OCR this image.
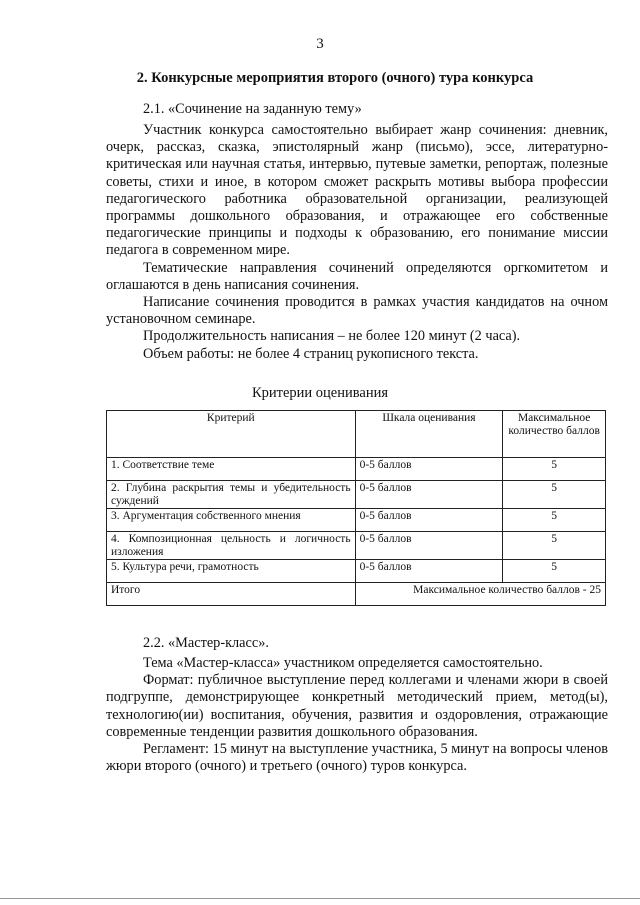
3
2. Конкурсные мероприятия второго (очного) тура конкурса
2.1. «Сочинение на заданную тему»

Участник конкурса самостоятельно выбирает жанр сочинения: дневник, очерк, рассказ, сказка, эпистолярный жанр (письмо), эссе, литературно-критическая или научная статья, интервью, путевые заметки, репортаж, полезные советы, стихи и иное, в котором сможет раскрыть мотивы выбора профессии педагогического работника образовательной организации, реализующей программы дошкольного образования, и отражающее его собственные педагогические принципы и подходы к образованию, его понимание миссии педагога в современном мире.

Тематические направления сочинений определяются оргкомитетом и оглашаются в день написания сочинения.

Написание сочинения проводится в рамках участия кандидатов на очном установочном семинаре.

Продолжительность написания – не более 120 минут (2 часа).

Объем работы: не более 4 страниц рукописного текста.

Критерии оценивания
Критерий	Шкала оценивания	Максимальное количество баллов
1. Соответствие теме	0-5 баллов	5
2. Глубина раскрытия темы и убедительность суждений	0-5 баллов	5
3. Аргументация собственного мнения	0-5 баллов	5
4. Композиционная цельность и логичность изложения	0-5 баллов	5
5. Культура речи, грамотность	0-5 баллов	5
Итого	Максимальное количество баллов - 25	
2.2. «Мастер-класс».

Тема «Мастер-класса» участником определяется самостоятельно.

Формат: публичное выступление перед коллегами и членами жюри в своей подгруппе, демонстрирующее конкретный методический прием, метод(ы), технологию(ии) воспитания, обучения, развития и оздоровления, отражающие современные тенденции развития дошкольного образования.

Регламент: 15 минут на выступление участника, 5 минут на вопросы членов жюри второго (очного) и третьего (очного) туров конкурса.
